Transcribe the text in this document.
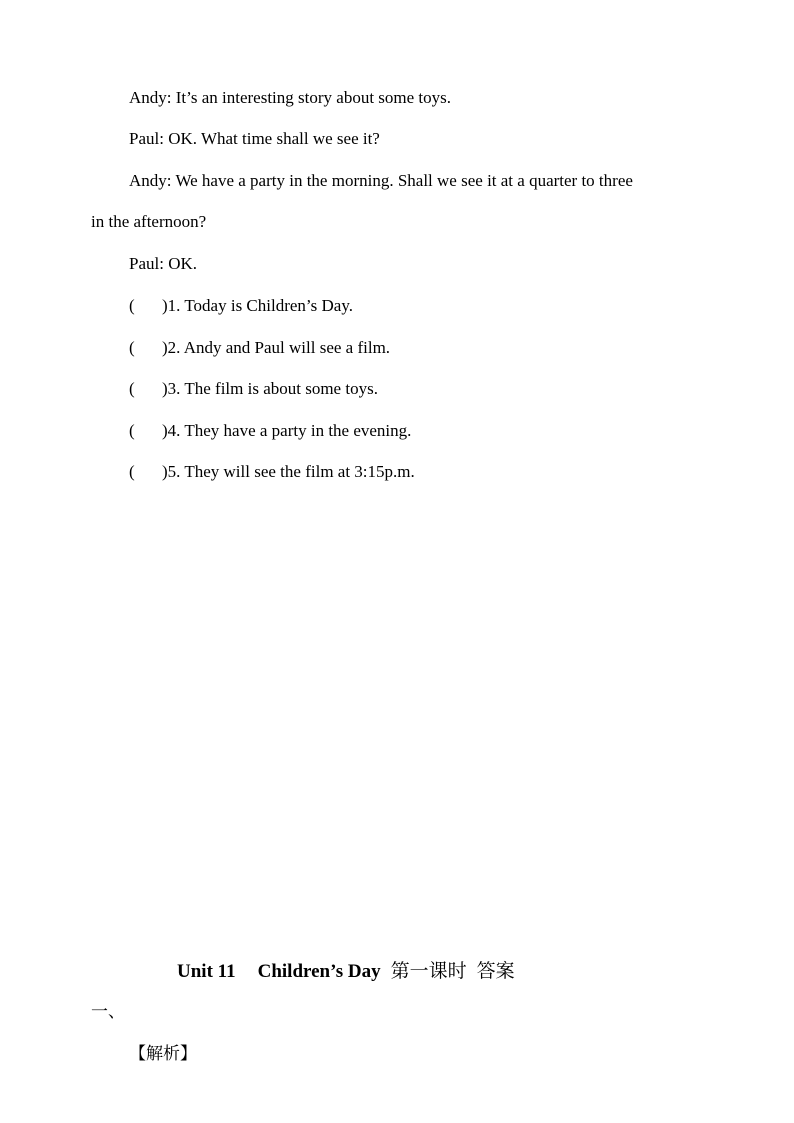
Andy: It’s an interesting story about some toys.
Paul: OK. What time shall we see it?
Andy: We have a party in the morning. Shall we see it at a quarter to three
in the afternoon?
Paul: OK.
( )1. Today is Children’s Day.
( )2. Andy and Paul will see a film.
( )3. The film is about some toys.
( )4. They have a party in the evening.
( )5. They will see the film at 3:15p.m.
Unit 11 Children’s Day 第一课时 答案
一、
【解析】
